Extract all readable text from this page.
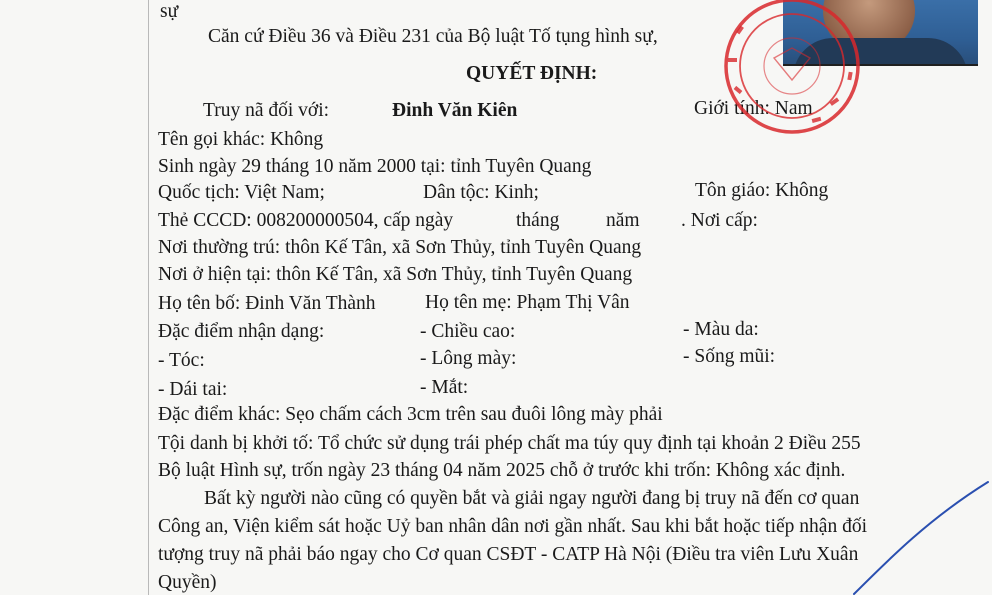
sự
Căn cứ Điều 36 và Điều 231 của Bộ luật Tố tụng hình sự,
QUYẾT ĐỊNH:
Truy nã đối với:	Đinh Văn Kiên	Giới tính: Nam
Tên gọi khác: Không
Sinh ngày 29 tháng 10 năm 2000 tại: tỉnh Tuyên Quang
Quốc tịch: Việt Nam;	Dân tộc: Kinh;	Tôn giáo: Không
Thẻ CCCD: 008200000504, cấp ngày	tháng năm . Nơi cấp:
Nơi thường trú: thôn Kế Tân, xã Sơn Thủy, tỉnh Tuyên Quang
Nơi ở hiện tại: thôn Kế Tân, xã Sơn Thủy, tỉnh Tuyên Quang
Họ tên bố: Đinh Văn Thành	Họ tên mẹ: Phạm Thị Vân
Đặc điểm nhận dạng:	- Chiều cao:	- Màu da:
- Tóc:	- Lông mày:	- Sống mũi:
- Dái tai:	- Mắt:
Đặc điểm khác: Sẹo chấm cách 3cm trên sau đuôi lông mày phải
Tội danh bị khởi tố: Tổ chức sử dụng trái phép chất ma túy quy định tại khoản 2 Điều 255
Bộ luật Hình sự, trốn ngày 23 tháng 04 năm 2025 chỗ ở trước khi trốn: Không xác định.
Bất kỳ người nào cũng có quyền bắt và giải ngay người đang bị truy nã đến cơ quan
Công an, Viện kiểm sát hoặc Uỷ ban nhân dân nơi gần nhất. Sau khi bắt hoặc tiếp nhận đối
tượng truy nã phải báo ngay cho Cơ quan CSĐT - CATP Hà Nội (Điều tra viên Lưu Xuân
Quyền)
